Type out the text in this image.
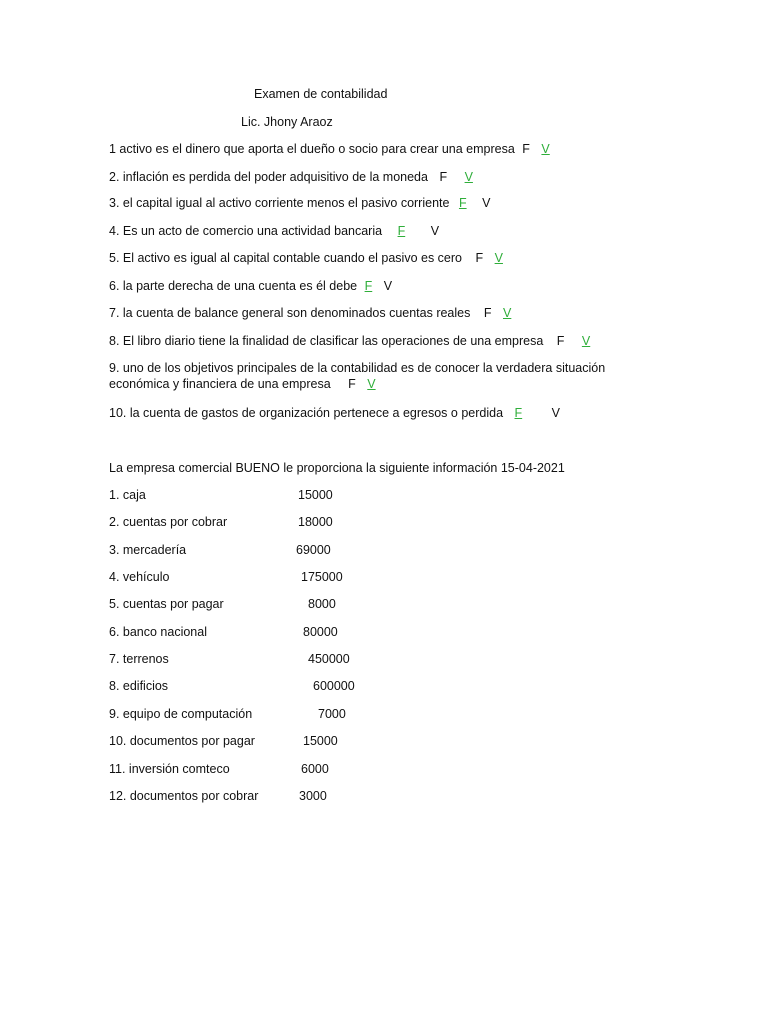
Examen de contabilidad
Lic. Jhony Araoz
1 activo es el dinero que aporta el dueño o socio para crear una empresa F V
2. inflación es perdida del poder adquisitivo de la moneda F V
3. el capital igual al activo corriente menos el pasivo corriente F V
4. Es un acto de comercio una actividad bancaria F V
5. El activo es igual al capital contable cuando el pasivo es cero F V
6. la parte derecha de una cuenta es él debe F V
7. la cuenta de balance general son denominados cuentas reales F V
8. El libro diario tiene la finalidad de clasificar las operaciones de una empresa F V
9. uno de los objetivos principales de la contabilidad es de conocer la verdadera situación económica y financiera de una empresa F V
10. la cuenta de gastos de organización pertenece a egresos o perdida F V
La empresa comercial BUENO le proporciona la siguiente información 15-04-2021
1. caja	15000
2. cuentas por cobrar	18000
3. mercadería	69000
4. vehículo	175000
5. cuentas por pagar	8000
6. banco nacional	80000
7. terrenos	450000
8. edificios	600000
9. equipo de computación	7000
10. documentos por pagar	15000
11. inversión comteco	6000
12. documentos por cobrar	3000
